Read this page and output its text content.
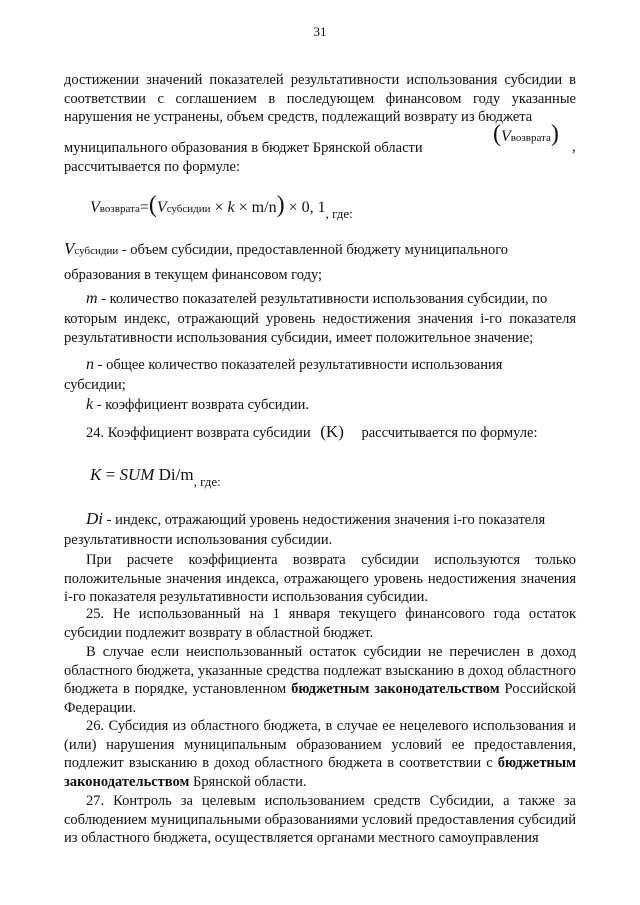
31

достижении значений показателей результативности использования субсидии в соответствии с соглашением в последующем финансовом году указанные нарушения не устранены, объем средств, подлежащий возврату из бюджета

муниципального образования в бюджет Брянской области
(Vвозврата) ,
рассчитывается по формуле:
Vвозврата=(Vсубсидии × k × m/n) × 0, $1_{, где:}$
Vсубсидии - объем субсидии, предоставленной бюджету муниципального
образования в текущем финансовом году;
m - количество показателей результативности использования субсидии, по
которым индекс, отражающий уровень недостижения значения i-го показателя результативности использования субсидии, имеет положительное значение;
n - общее количество показателей результативности использования
субсидии;
k - коэффициент возврата субсидии.
24. Коэффициент возврата субсидии (K) рассчитывается по формуле:
K = SUM $Di/m_{, где:}$
Di - индекс, отражающий уровень недостижения значения i-го показателя
результативности использования субсидии.

При расчете коэффициента возврата субсидии используются только положительные значения индекса, отражающего уровень недостижения значения i-го показателя результативности использования субсидии.

25. Не использованный на 1 января текущего финансового года остаток субсидии подлежит возврату в областной бюджет.

В случае если неиспользованный остаток субсидии не перечислен в доход областного бюджета, указанные средства подлежат взысканию в доход областного бюджета в порядке, установленном бюджетным законодательством Российской Федерации.

26. Субсидия из областного бюджета, в случае ее нецелевого использования и (или) нарушения муниципальным образованием условий ее предоставления, подлежит взысканию в доход областного бюджета в соответствии с бюджетным законодательством Брянской области.

27. Контроль за целевым использованием средств Субсидии, а также за соблюдением муниципальными образованиями условий предоставления субсидий из областного бюджета, осуществляется органами местного самоуправления
